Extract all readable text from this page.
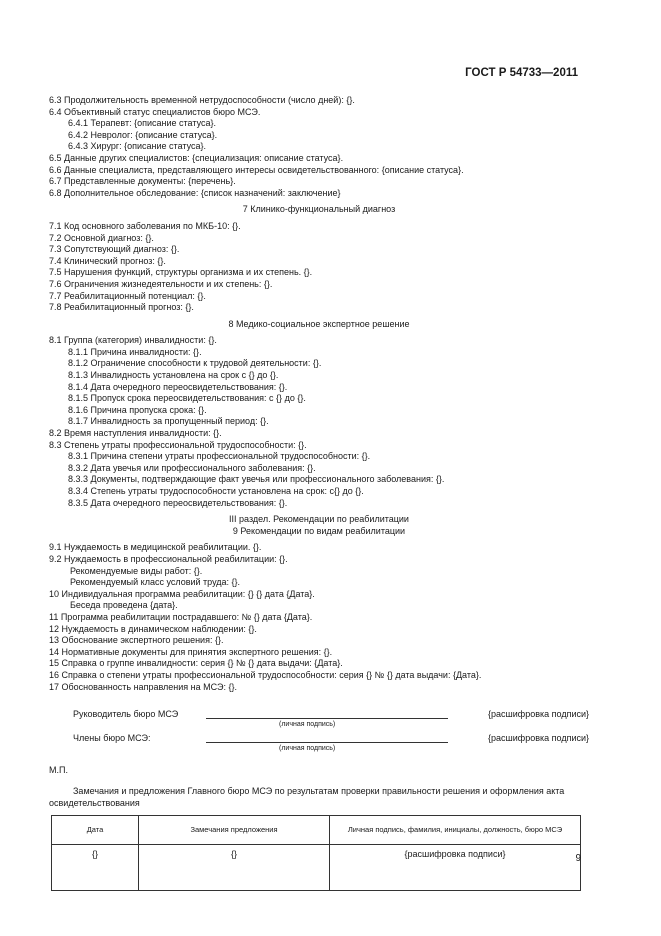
ГОСТ Р 54733—2011
6.3 Продолжительность временной нетрудоспособности (число дней): {}.
6.4 Объективный статус специалистов бюро МСЭ.
6.4.1 Терапевт: {описание статуса}.
6.4.2 Невролог: {описание статуса}.
6.4.3 Хирург: {описание статуса}.
6.5 Данные других специалистов: {специализация: описание статуса}.
6.6 Данные специалиста, представляющего интересы освидетельствованного: {описание статуса}.
6.7 Представленные документы: {перечень}.
6.8 Дополнительное обследование: {список назначений: заключение}
7 Клинико-функциональный диагноз
7.1 Код основного заболевания по МКБ-10: {}.
7.2 Основной диагноз: {}.
7.3 Сопутствующий диагноз: {}.
7.4 Клинический прогноз: {}.
7.5 Нарушения функций, структуры организма и их степень. {}.
7.6 Ограничения жизнедеятельности и их степень: {}.
7.7 Реабилитационный потенциал: {}.
7.8 Реабилитационный прогноз: {}.
8 Медико-социальное экспертное решение
8.1 Группа (категория) инвалидности: {}.
8.1.1 Причина инвалидности: {}.
8.1.2 Ограничение способности к трудовой деятельности: {}.
8.1.3 Инвалидность установлена на срок с {} до {}.
8.1.4 Дата очередного переосвидетельствования: {}.
8.1.5 Пропуск срока переосвидетельствования: с {} до {}.
8.1.6 Причина пропуска срока: {}.
8.1.7 Инвалидность за пропущенный период: {}.
8.2 Время наступления инвалидности: {}.
8.3 Степень утраты профессиональной трудоспособности: {}.
8.3.1 Причина степени утраты профессиональной трудоспособности: {}.
8.3.2 Дата увечья или профессионального заболевания: {}.
8.3.3 Документы, подтверждающие факт увечья или профессионального заболевания: {}.
8.3.4 Степень утраты трудоспособности установлена на срок: с{} до {}.
8.3.5 Дата очередного переосвидетельствования: {}.
III раздел. Рекомендации по реабилитации
9 Рекомендации по видам реабилитации
9.1 Нуждаемость в медицинской реабилитации. {}.
9.2 Нуждаемость в профессиональной реабилитации: {}.
Рекомендуемые виды работ: {}.
Рекомендуемый класс условий труда: {}.
10 Индивидуальная программа реабилитации: {} {} дата {Дата}.
Беседа проведена {дата}.
11 Программа реабилитации пострадавшего: № {} дата {Дата}.
12 Нуждаемость в динамическом наблюдении: {}.
13 Обоснование экспертного решения: {}.
14 Нормативные документы для принятия экспертного решения: {}.
15 Справка о группе инвалидности: серия {} № {} дата выдачи: {Дата}.
16 Справка о степени утраты профессиональной трудоспособности: серия {} № {} дата выдачи: {Дата}.
17 Обоснованность направления на МСЭ: {}.
Руководитель бюро МСЭ	{расшифровка подписи}
(личная подпись)
Члены бюро МСЭ:	{расшифровка подписи}
(личная подпись)
М.П.
Замечания и предложения Главного бюро МСЭ по результатам проверки правильности решения и оформления акта освидетельствования
Дата	Замечания предложения	Личная подпись, фамилия, инициалы, должность, бюро МСЭ
{}	{}	{расшифровка подписи}	9
